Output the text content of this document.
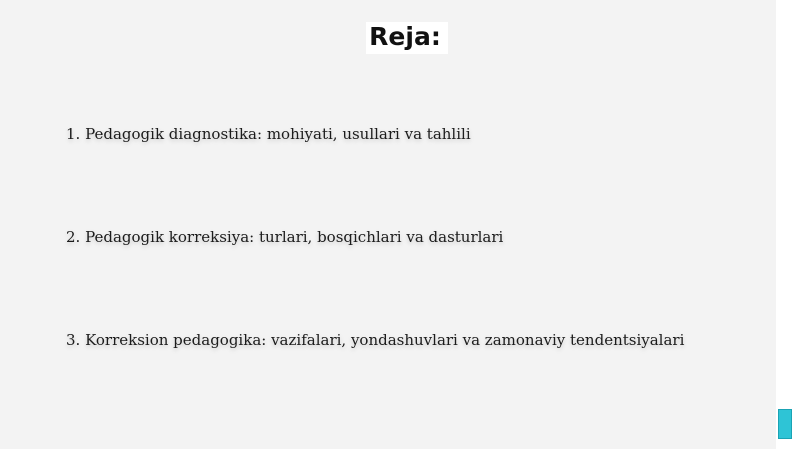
Reja:
1. Pedagogik diagnostika: mohiyati, usullari va tahlili
2. Pedagogik korreksiya: turlari, bosqichlari va dasturlari
3. Korreksion pedagogika: vazifalari, yondashuvlari va zamonaviy tendentsiyalari
